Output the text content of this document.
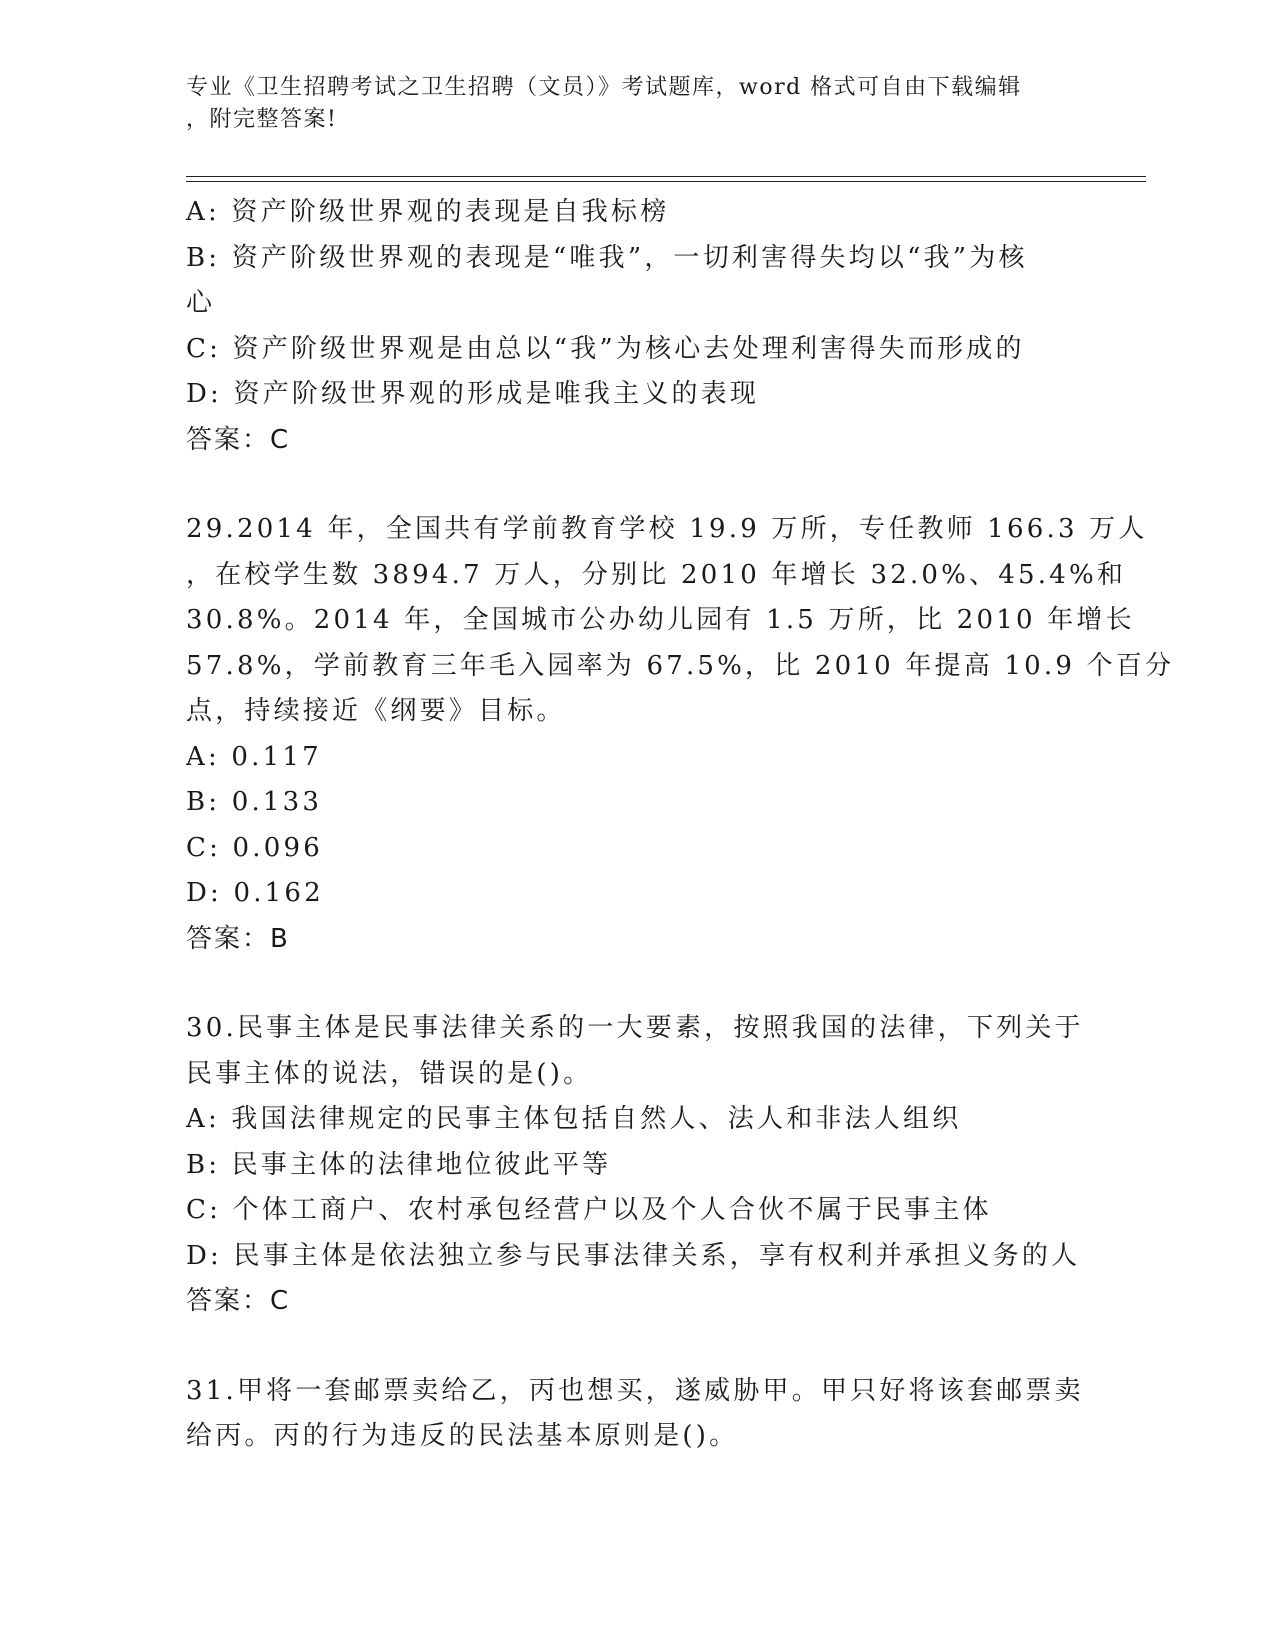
专业《卫生招聘考试之卫生招聘（文员）》考试题库，word 格式可自由下载编辑
，附完整答案!
A: 资产阶级世界观的表现是自我标榜
B: 资产阶级世界观的表现是“唯我”，一切利害得失均以“我”为核
心
C: 资产阶级世界观是由总以“我”为核心去处理利害得失而形成的
D: 资产阶级世界观的形成是唯我主义的表现
答案：C
29.2014 年，全国共有学前教育学校 19.9 万所，专任教师 166.3 万人
，在校学生数 3894.7 万人，分别比 2010 年增长 32.0%、45.4%和
30.8%。2014 年，全国城市公办幼儿园有 1.5 万所，比 2010 年增长
57.8%，学前教育三年毛入园率为 67.5%，比 2010 年提高 10.9 个百分
点，持续接近《纲要》目标。
A: 0.117
B: 0.133
C: 0.096
D: 0.162
答案：B
30.民事主体是民事法律关系的一大要素，按照我国的法律，下列关于
民事主体的说法，错误的是()。
A: 我国法律规定的民事主体包括自然人、法人和非法人组织
B: 民事主体的法律地位彼此平等
C: 个体工商户、农村承包经营户以及个人合伙不属于民事主体
D: 民事主体是依法独立参与民事法律关系，享有权利并承担义务的人
答案：C
31.甲将一套邮票卖给乙，丙也想买，遂威胁甲。甲只好将该套邮票卖
给丙。丙的行为违反的民法基本原则是()。
